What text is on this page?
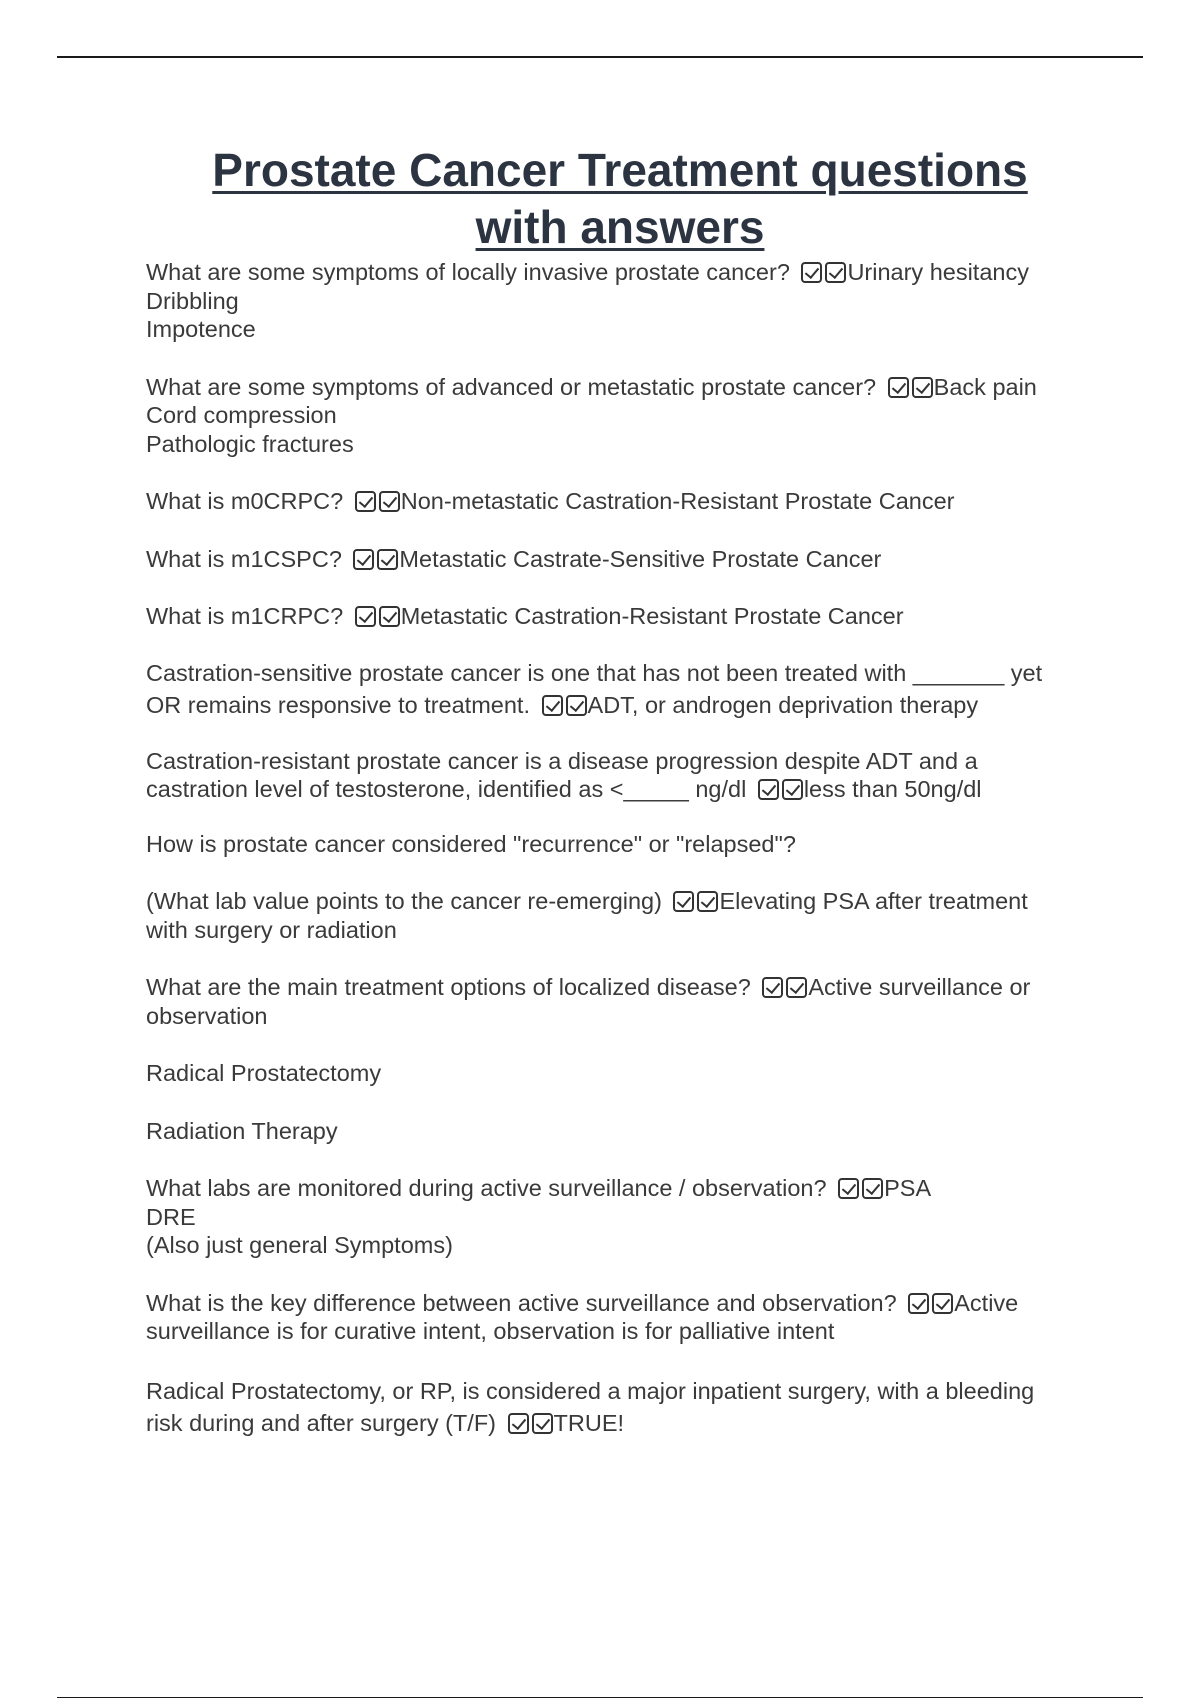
Prostate Cancer Treatment questions
with answers
What are some symptoms of locally invasive prostate cancer? Urinary hesitancy
Dribbling
Impotence
What are some symptoms of advanced or metastatic prostate cancer? Back pain
Cord compression
Pathologic fractures
What is m0CRPC? Non-metastatic Castration-Resistant Prostate Cancer
What is m1CSPC? Metastatic Castrate-Sensitive Prostate Cancer
What is m1CRPC? Metastatic Castration-Resistant Prostate Cancer
Castration-sensitive prostate cancer is one that has not been treated with _______ yet
OR remains responsive to treatment. ADT, or androgen deprivation therapy
Castration-resistant prostate cancer is a disease progression despite ADT and a
castration level of testosterone, identified as <_____ ng/dl less than 50ng/dl
How is prostate cancer considered "recurrence" or "relapsed"?
(What lab value points to the cancer re-emerging) Elevating PSA after treatment
with surgery or radiation
What are the main treatment options of localized disease? Active surveillance or
observation
Radical Prostatectomy
Radiation Therapy
What labs are monitored during active surveillance / observation? PSA
DRE
(Also just general Symptoms)
What is the key difference between active surveillance and observation? Active
surveillance is for curative intent, observation is for palliative intent
Radical Prostatectomy, or RP, is considered a major inpatient surgery, with a bleeding
risk during and after surgery (T/F) TRUE!
